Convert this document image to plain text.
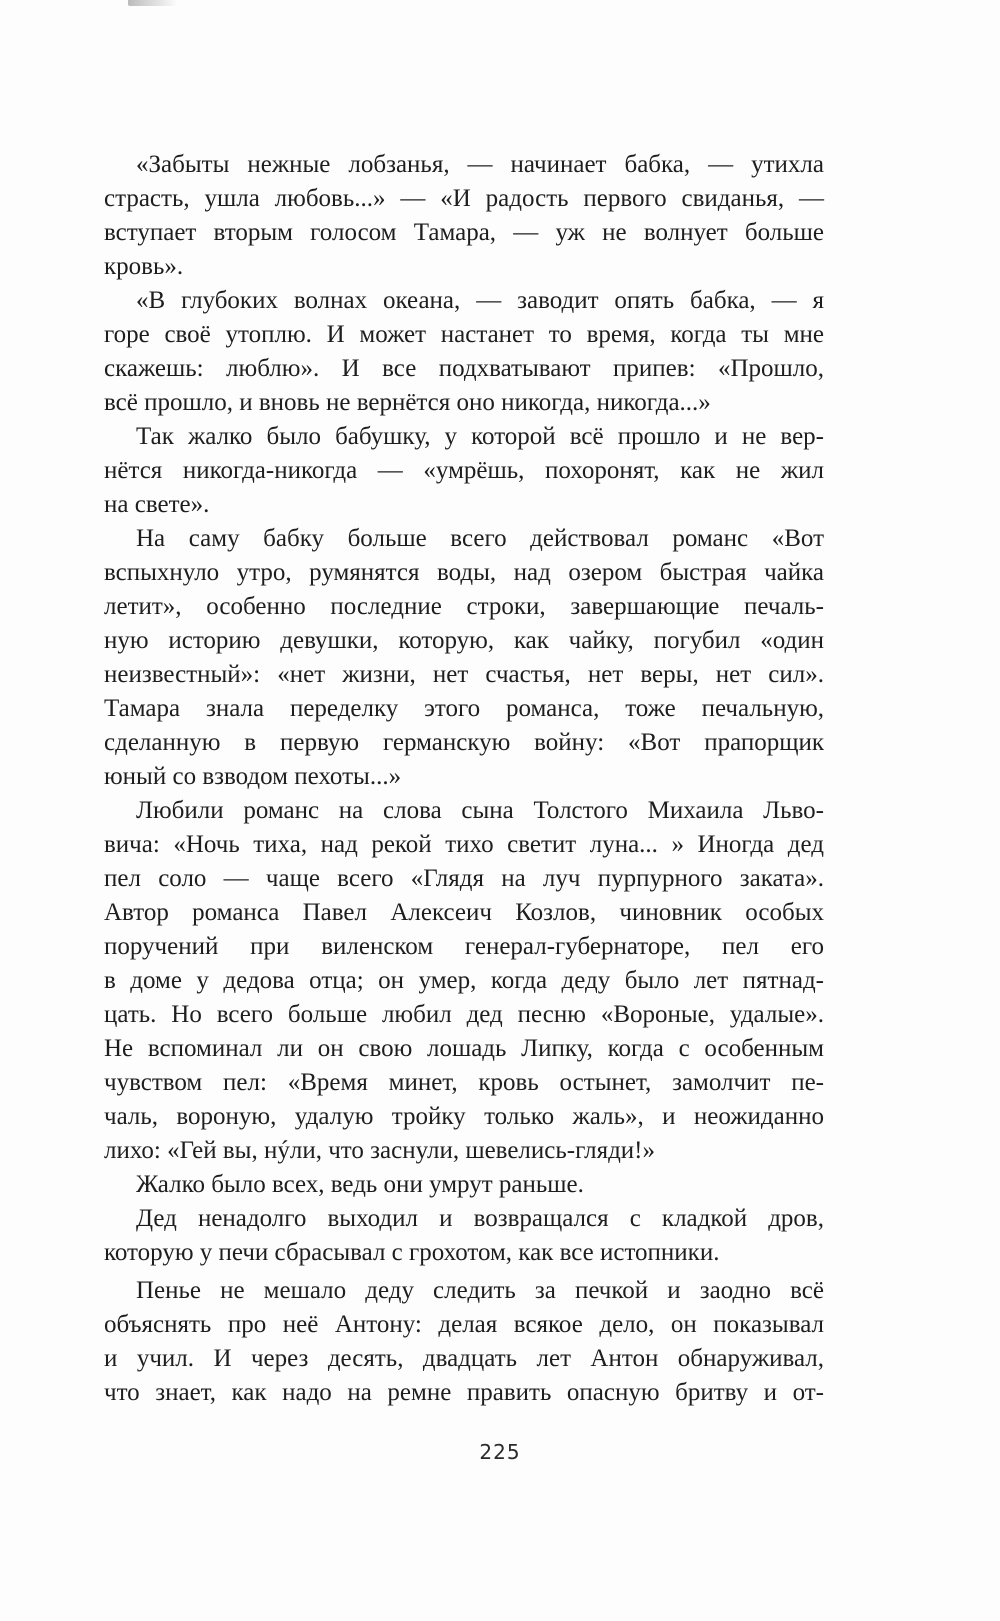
«Забыты нежные лобзанья, — начинает бабка, — утихла
страсть, ушла любовь...» — «И радость первого свиданья, —
вступает вторым голосом Тамара, — уж не волнует больше
кровь».
«В глубоких волнах океана, — заводит опять бабка, — я
горе своё утоплю. И может настанет то время, когда ты мне
скажешь: люблю». И все подхватывают припев: «Прошло,
всё прошло, и вновь не вернётся оно никогда, никогда...»
Так жалко было бабушку, у которой всё прошло и не вер-
нётся никогда-никогда — «умрёшь, похоронят, как не жил
на свете».
На саму бабку больше всего действовал романс «Вот
вспыхнуло утро, румянятся воды, над озером быстрая чайка
летит», особенно последние строки, завершающие печаль-
ную историю девушки, которую, как чайку, погубил «один
неизвестный»: «нет жизни, нет счастья, нет веры, нет сил».
Тамара знала переделку этого романса, тоже печальную,
сделанную в первую германскую войну: «Вот прапорщик
юный со взводом пехоты...»
Любили романс на слова сына Толстого Михаила Льво-
вича: «Ночь тиха, над рекой тихо светит луна... » Иногда дед
пел соло — чаще всего «Глядя на луч пурпурного заката».
Автор романса Павел Алексеич Козлов, чиновник особых
поручений при виленском генерал-губернаторе, пел его
в доме у дедова отца; он умер, когда деду было лет пятнад-
цать. Но всего больше любил дед песню «Вороные, удалые».
Не вспоминал ли он свою лошадь Липку, когда с особенным
чувством пел: «Время минет, кровь остынет, замолчит пе-
чаль, вороную, удалую тройку только жаль», и неожиданно
лихо: «Гей вы, нýли, что заснули, шевелись-гляди!»
Жалко было всех, ведь они умрут раньше.
Дед ненадолго выходил и возвращался с кладкой дров,
которую у печи сбрасывал с грохотом, как все истопники.
Пенье не мешало деду следить за печкой и заодно всё
объяснять про неё Антону: делая всякое дело, он показывал
и учил. И через десять, двадцать лет Антон обнаруживал,
что знает, как надо на ремне править опасную бритву и от-
225
